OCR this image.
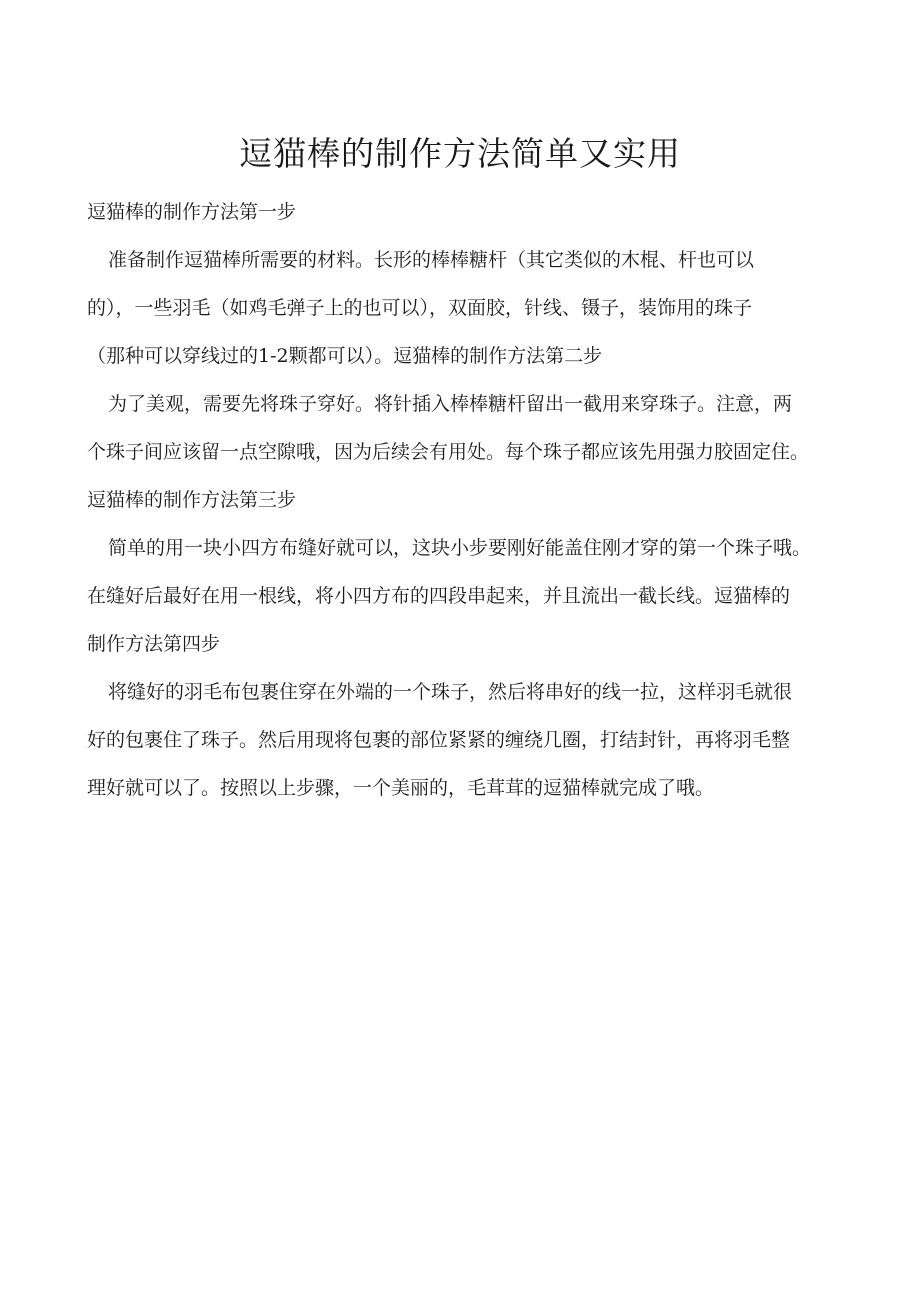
逗猫棒的制作方法简单又实用
逗猫棒的制作方法第一步
准备制作逗猫棒所需要的材料。长形的棒棒糖杆（其它类似的木棍、杆也可以
的），一些羽毛（如鸡毛弹子上的也可以），双面胶，针线、镊子，装饰用的珠子
（那种可以穿线过的1-2颗都可以）。逗猫棒的制作方法第二步
为了美观，需要先将珠子穿好。将针插入棒棒糖杆留出一截用来穿珠子。注意，两
个珠子间应该留一点空隙哦，因为后续会有用处。每个珠子都应该先用强力胶固定住。
逗猫棒的制作方法第三步
简单的用一块小四方布缝好就可以，这块小步要刚好能盖住刚才穿的第一个珠子哦。
在缝好后最好在用一根线，将小四方布的四段串起来，并且流出一截长线。逗猫棒的
制作方法第四步
将缝好的羽毛布包裹住穿在外端的一个珠子，然后将串好的线一拉，这样羽毛就很
好的包裹住了珠子。然后用现将包裹的部位紧紧的缠绕几圈，打结封针，再将羽毛整
理好就可以了。按照以上步骤，一个美丽的，毛茸茸的逗猫棒就完成了哦。
